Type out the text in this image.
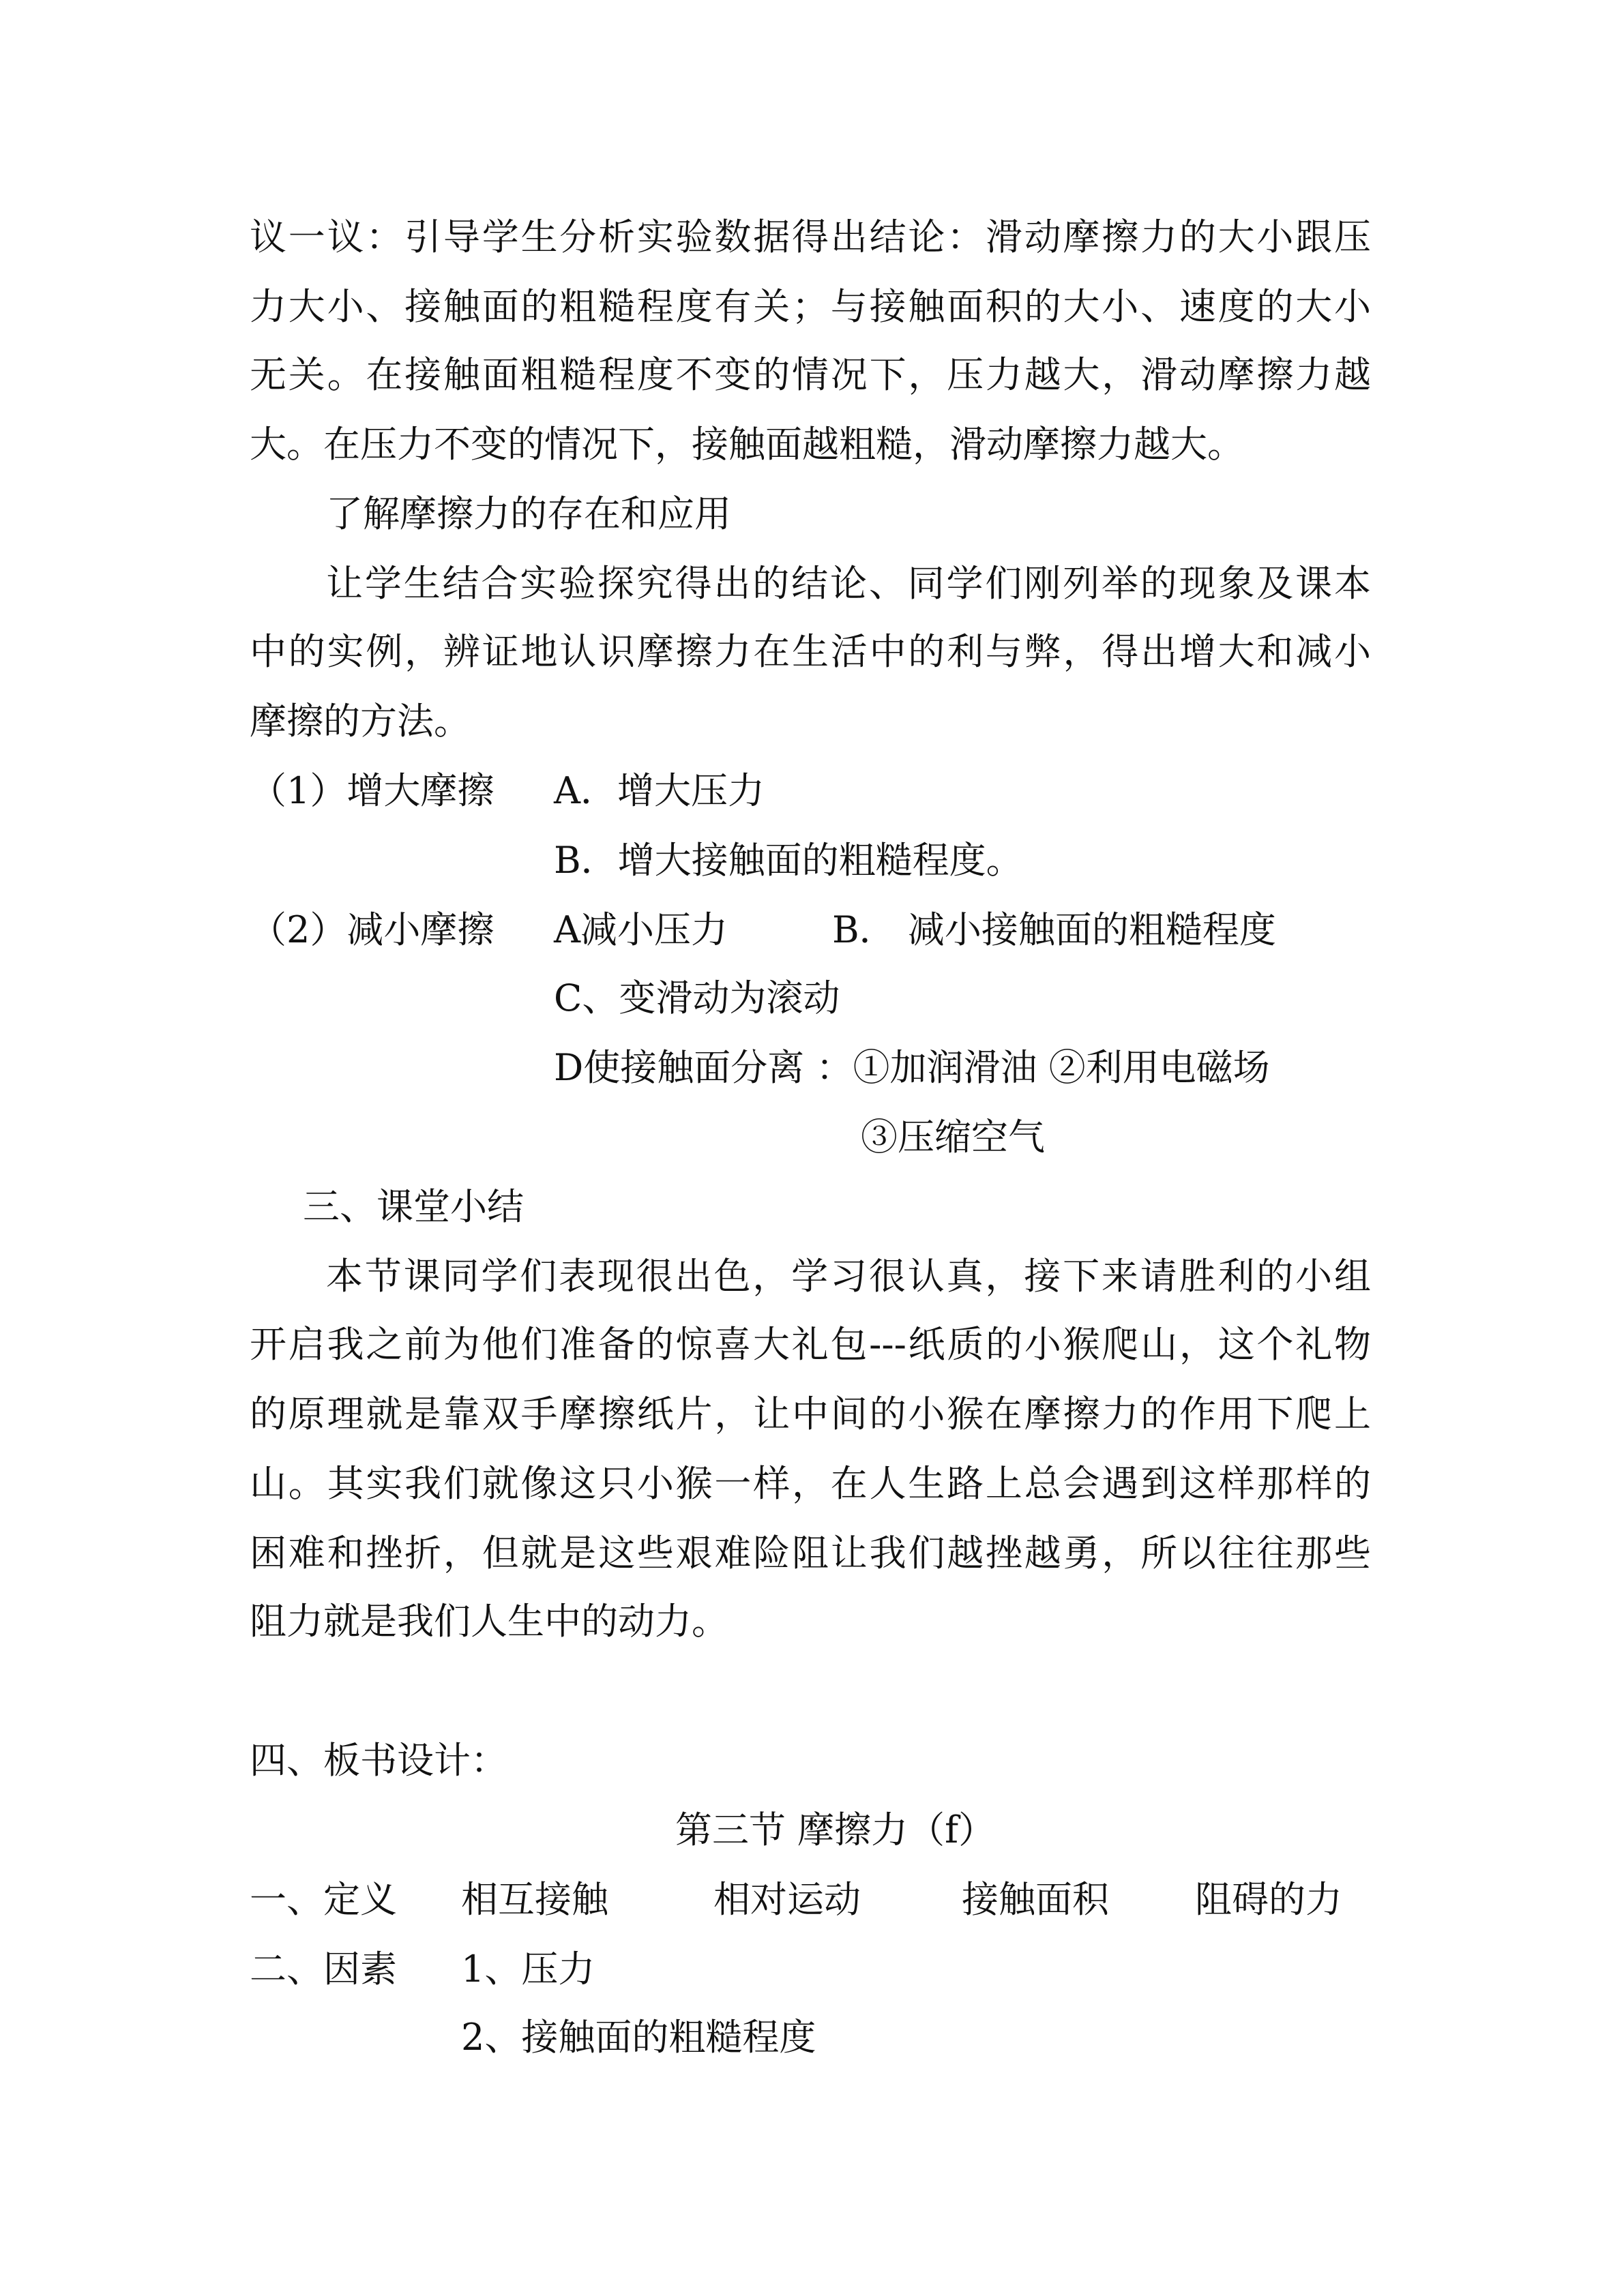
议一议：引导学生分析实验数据得出结论：滑动摩擦力的大小跟压
力大小、接触面的粗糙程度有关；与接触面积的大小、速度的大小
无关。在接触面粗糙程度不变的情况下，压力越大，滑动摩擦力越
大。在压力不变的情况下，接触面越粗糙，滑动摩擦力越大。
了解摩擦力的存在和应用
让学生结合实验探究得出的结论、同学们刚列举的现象及课本
中的实例，辨证地认识摩擦力在生活中的利与弊，得出增大和减小
摩擦的方法。
（1）增大摩擦 A．增大压力
B．增大接触面的粗糙程度。
（2）减小摩擦 A减小压力	B． 减小接触面的粗糙程度
C、变滑动为滚动
D使接触面分离 ：①加润滑油 ②利用电磁场
③压缩空气
三、课堂小结
本节课同学们表现很出色，学习很认真，接下来请胜利的小组
开启我之前为他们准备的惊喜大礼包---纸质的小猴爬山，这个礼物
的原理就是靠双手摩擦纸片，让中间的小猴在摩擦力的作用下爬上
山。其实我们就像这只小猴一样，在人生路上总会遇到这样那样的
困难和挫折，但就是这些艰难险阻让我们越挫越勇，所以往往那些
阻力就是我们人生中的动力。
四、板书设计：
第三节 摩擦力（f）
一、定义 相互接触	相对运动	接触面积 阻碍的力
二、因素 1、压力
2、接触面的粗糙程度
